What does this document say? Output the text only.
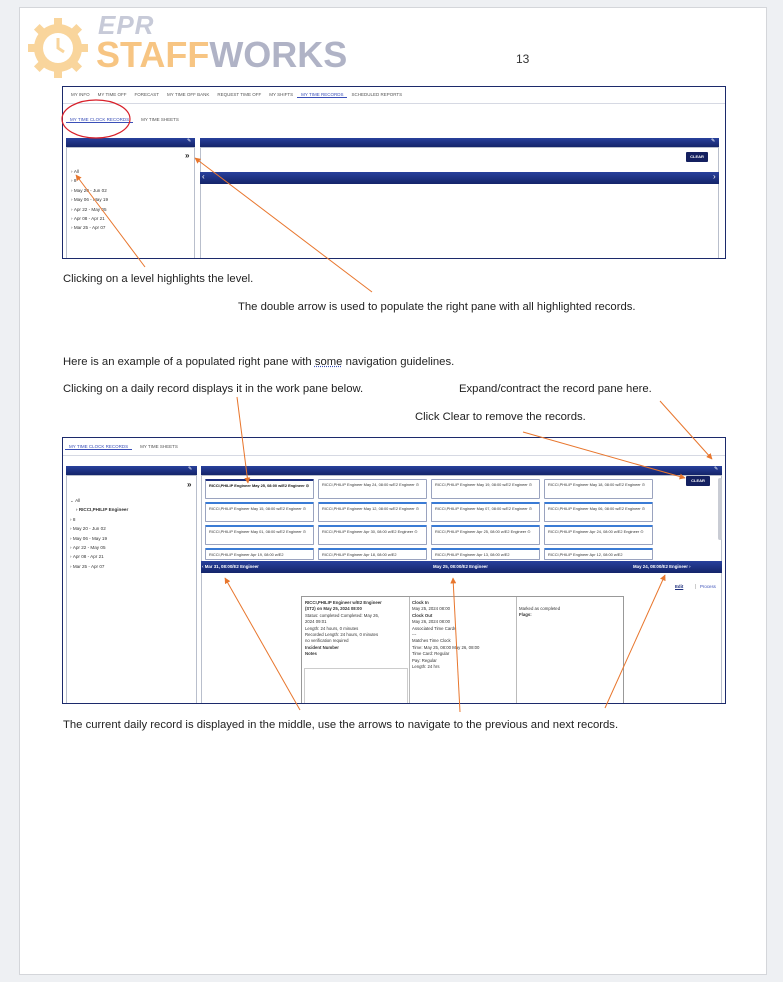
EPR
STAFFWORKS	13
MY INFO	MY TIME OFF	FORECAST	MY TIME OFF BANK	REQUEST TIME OFF	MY SHIFTS	MY TIME RECORDS	SCHEDULED REPORTS
MY TIME CLOCK RECORDS	MY TIME SHEETS
✎
»
› All
› 8
› May 20 - Jun 02
› May 06 - May 19
› Apr 22 - May 05
› Apr 08 - Apr 21
› Mar 25 - Apr 07
✎
CLEAR
‹	›
Clicking on a level highlights the level.
The double arrow is used to populate the right pane with all highlighted records.
Here is an example of a populated right pane with some navigation guidelines.
Clicking on a daily record displays it in the work pane below.	Expand/contract the record pane here.
Click Clear to remove the records.
The current daily record is displayed in the middle, use the arrows to navigate to the previous and next records.
MY TIME CLOCK RECORDS	MY TIME SHEETS
✎
»
⌄ All
› RICCI,PHILIP Engineer
› 8
› May 20 - Jun 02
› May 06 - May 19
› Apr 22 - May 05
› Apr 08 - Apr 21
› Mar 25 - Apr 07
✎
CLEAR
RICCI,PHILIP Engineer May 25, 08:00 w/E2 Engineer ⊙	RICCI,PHILIP Engineer May 24, 08:00 w/E2 Engineer ⊙	RICCI,PHILIP Engineer May 19, 08:00 w/E2 Engineer ⊙	RICCI,PHILIP Engineer May 18, 08:00 w/E2 Engineer ⊙
RICCI,PHILIP Engineer May 15, 08:00 w/E2 Engineer ⊙	RICCI,PHILIP Engineer May 12, 08:00 w/E2 Engineer ⊙	RICCI,PHILIP Engineer May 07, 08:00 w/E2 Engineer ⊙	RICCI,PHILIP Engineer May 06, 08:00 w/E2 Engineer ⊙
RICCI,PHILIP Engineer May 01, 08:00 w/E2 Engineer ⊙	RICCI,PHILIP Engineer Apr 30, 08:00 w/E2 Engineer ⊙	RICCI,PHILIP Engineer Apr 25, 08:00 w/E2 Engineer ⊙	RICCI,PHILIP Engineer Apr 24, 08:00 w/E2 Engineer ⊙
RICCI,PHILIP Engineer Apr 19, 08:00 w/E2	RICCI,PHILIP Engineer Apr 18, 08:00 w/E2	RICCI,PHILIP Engineer Apr 13, 08:00 w/E2	RICCI,PHILIP Engineer Apr 12, 08:00 w/E2
‹ Mar 31, 08:00/E2 Engineer	May 25, 08:00/E2 Engineer	May 24, 08:00/E2 Engineer ›
Edit	Process
RICCI,PHILIP Engineer w/E2 Engineer
(ST2) on May 25, 2024 08:00
Status: completed Completed: May 26,
2024 09:01
Length: 24 hours, 0 minutes
Recorded Length: 24 hours, 0 minutes
no verification required
Incident Number
Notes
Clock In
May 25, 2024 08:00
Clock Out
May 26, 2024 08:00
Associated Time Cards
---
Matches Time Clock
Time: May 25, 08:00 May 26, 08:00
Time Card: Regular
Pay: Regular
Length: 24 hrs
Marked as completed
Flags:
